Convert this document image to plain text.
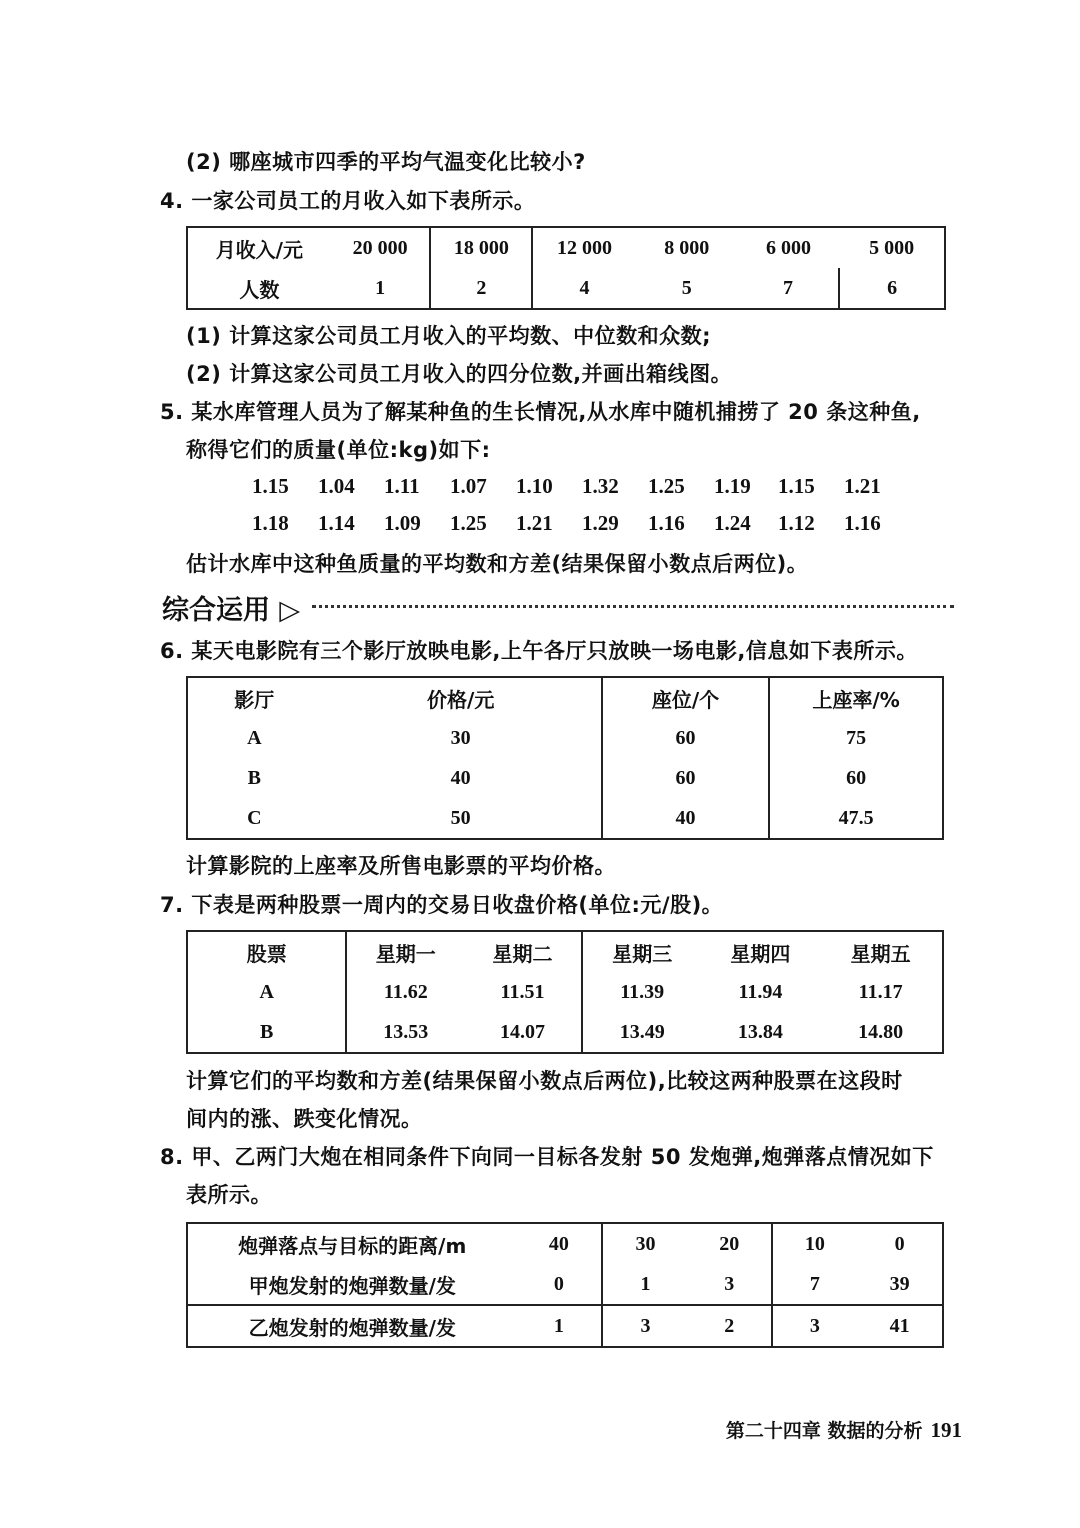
(2) 哪座城市四季的平均气温变化比较小?
4. 一家公司员工的月收入如下表所示。
月收入/元	20 000	18 000	12 000	8 000	6 000	5 000
人数	1	2	4	5	7	6
(1) 计算这家公司员工月收入的平均数、中位数和众数;
(2) 计算这家公司员工月收入的四分位数,并画出箱线图。
5. 某水库管理人员为了解某种鱼的生长情况,从水库中随机捕捞了 20 条这种鱼,
称得它们的质量(单位:kg)如下:
1.15 1.04 1.11 1.07 1.10 1.32 1.25 1.19 1.15 1.21
1.18 1.14 1.09 1.25 1.21 1.29 1.16 1.24 1.12 1.16
估计水库中这种鱼质量的平均数和方差(结果保留小数点后两位)。
综合运用 ▷
6. 某天电影院有三个影厅放映电影,上午各厅只放映一场电影,信息如下表所示。
影厅	价格/元	座位/个	上座率/%
A	30	60	75
B	40	60	60
C	50	40	47.5
计算影院的上座率及所售电影票的平均价格。
7. 下表是两种股票一周内的交易日收盘价格(单位:元/股)。
股票	星期一	星期二	星期三	星期四	星期五
A	11.62	11.51	11.39	11.94	11.17
B	13.53	14.07	13.49	13.84	14.80
计算它们的平均数和方差(结果保留小数点后两位),比较这两种股票在这段时
间内的涨、跌变化情况。
8. 甲、乙两门大炮在相同条件下向同一目标各发射 50 发炮弹,炮弹落点情况如下
表所示。
炮弹落点与目标的距离/m	40	30	20	10	0
甲炮发射的炮弹数量/发	0	1	3	7	39
乙炮发射的炮弹数量/发	1	3	2	3	41
第二十四章 数据的分析 191
